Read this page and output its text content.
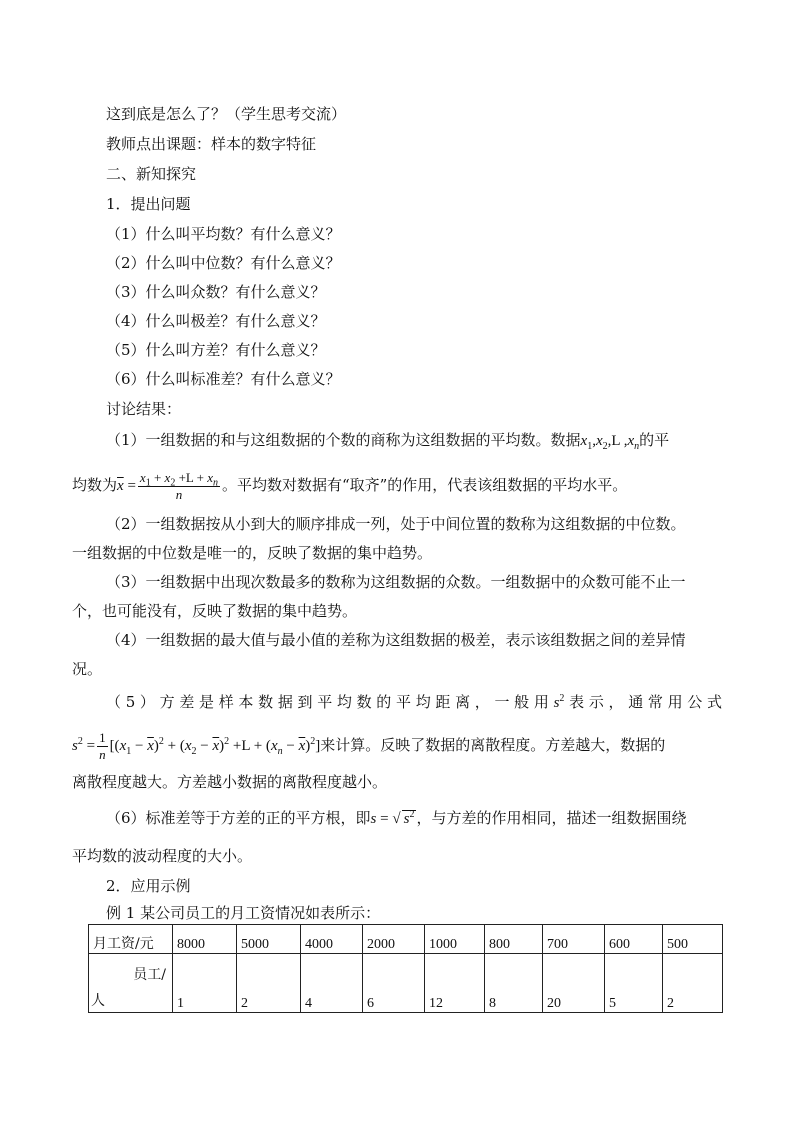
这到底是怎么了？（学生思考交流）
教师点出课题：样本的数字特征
二、新知探究
1．提出问题
（1）什么叫平均数？有什么意义？
（2）什么叫中位数？有什么意义？
（3）什么叫众数？有什么意义？
（4）什么叫极差？有什么意义？
（5）什么叫方差？有什么意义？
（6）什么叫标准差？有什么意义？
讨论结果：
（1）一组数据的和与这组数据的个数的商称为这组数据的平均数。数据$x_1,x_2,L$ $,x_n$的平
均数为$\overline{x} = \frac{x_1 + x_2 +L + x_n}{n}$ 。平均数对数据有“取齐”的作用，代表该组数据的平均水平。
（2）一组数据按从小到大的顺序排成一列，处于中间位置的数称为这组数据的中位数。
一组数据的中位数是唯一的，反映了数据的集中趋势。
（3）一组数据中出现次数最多的数称为这组数据的众数。一组数据中的众数可能不止一
个，也可能没有，反映了数据的集中趋势。
（4）一组数据的最大值与最小值的差称为这组数据的极差，表示该组数据之间的差异情
况。
（5）方差是样本数据到平均数的平均距离，一般用$s^2$表示，通常用公式
$s^2 = \frac{1}{n} [(x_1 - \overline{x})^2 + (x_2 - \overline{x})^2 +L + (x_n - \overline{x})^2]$来计算。反映了数据的离散程度。方差越大，数据的
离散程度越大。方差越小数据的离散程度越小。
（6）标准差等于方差的正的平方根，即s = √ $s^2$ ，与方差的作用相同，描述一组数据围绕
平均数的波动程度的大小。
2．应用示例
例 1 某公司员工的月工资情况如表所示：
月工资/元	8000	5000	4000	2000	1000	800	700	600	500

员工/
人	1	2	4	6	12	8	20	5	2
